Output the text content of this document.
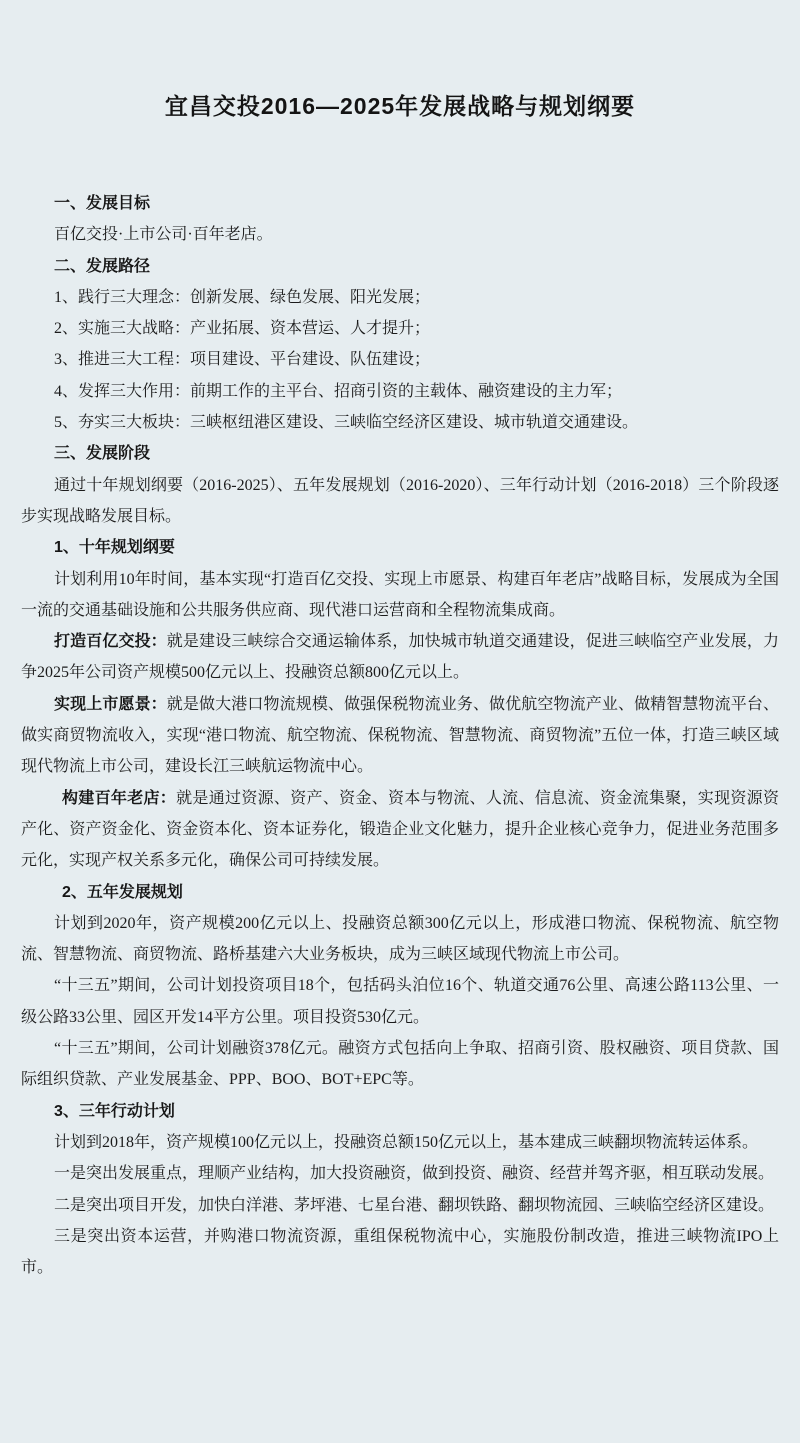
宜昌交投2016—2025年发展战略与规划纲要

一、发展目标

百亿交投·上市公司·百年老店。

二、发展路径

1、践行三大理念：创新发展、绿色发展、阳光发展；

2、实施三大战略：产业拓展、资本营运、人才提升；

3、推进三大工程：项目建设、平台建设、队伍建设；

4、发挥三大作用：前期工作的主平台、招商引资的主载体、融资建设的主力军；

5、夯实三大板块：三峡枢纽港区建设、三峡临空经济区建设、城市轨道交通建设。

三、发展阶段

通过十年规划纲要（2016-2025）、五年发展规划（2016-2020）、三年行动计划（2016-2018）三个阶段逐步实现战略发展目标。

1、十年规划纲要

计划利用10年时间，基本实现“打造百亿交投、实现上市愿景、构建百年老店”战略目标，发展成为全国一流的交通基础设施和公共服务供应商、现代港口运营商和全程物流集成商。

打造百亿交投：就是建设三峡综合交通运输体系，加快城市轨道交通建设，促进三峡临空产业发展，力争2025年公司资产规模500亿元以上、投融资总额800亿元以上。

实现上市愿景：就是做大港口物流规模、做强保税物流业务、做优航空物流产业、做精智慧物流平台、做实商贸物流收入，实现“港口物流、航空物流、保税物流、智慧物流、商贸物流”五位一体，打造三峡区域现代物流上市公司，建设长江三峡航运物流中心。

构建百年老店：就是通过资源、资产、资金、资本与物流、人流、信息流、资金流集聚，实现资源资产化、资产资金化、资金资本化、资本证券化，锻造企业文化魅力，提升企业核心竞争力，促进业务范围多元化，实现产权关系多元化，确保公司可持续发展。

2、五年发展规划

计划到2020年，资产规模200亿元以上、投融资总额300亿元以上，形成港口物流、保税物流、航空物流、智慧物流、商贸物流、路桥基建六大业务板块，成为三峡区域现代物流上市公司。

“十三五”期间，公司计划投资项目18个，包括码头泊位16个、轨道交通76公里、高速公路113公里、一级公路33公里、园区开发14平方公里。项目投资530亿元。

“十三五”期间，公司计划融资378亿元。融资方式包括向上争取、招商引资、股权融资、项目贷款、国际组织贷款、产业发展基金、PPP、BOO、BOT+EPC等。

3、三年行动计划

计划到2018年，资产规模100亿元以上，投融资总额150亿元以上，基本建成三峡翻坝物流转运体系。

一是突出发展重点，理顺产业结构，加大投资融资，做到投资、融资、经营并驾齐驱，相互联动发展。

二是突出项目开发，加快白洋港、茅坪港、七星台港、翻坝铁路、翻坝物流园、三峡临空经济区建设。

三是突出资本运营，并购港口物流资源，重组保税物流中心，实施股份制改造，推进三峡物流IPO上市。
